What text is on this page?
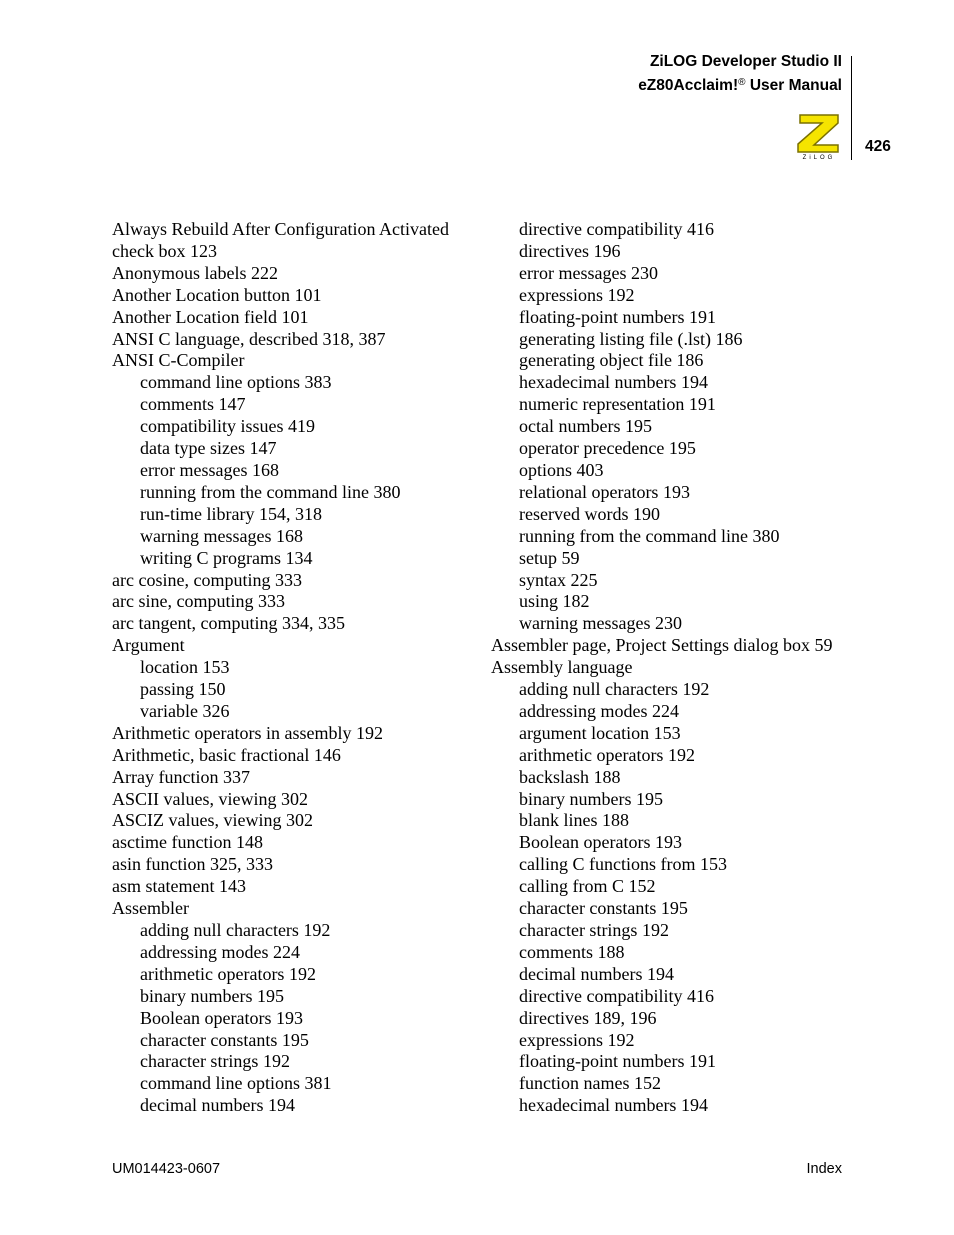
ZiLOG Developer Studio II
eZ80Acclaim!® User Manual
ZiLOG
426
Always Rebuild After Configuration Activated
check box 123
Anonymous labels 222
Another Location button 101
Another Location field 101
ANSI C language, described 318, 387
ANSI C-Compiler
command line options 383
comments 147
compatibility issues 419
data type sizes 147
error messages 168
running from the command line 380
run-time library 154, 318
warning messages 168
writing C programs 134
arc cosine, computing 333
arc sine, computing 333
arc tangent, computing 334, 335
Argument
location 153
passing 150
variable 326
Arithmetic operators in assembly 192
Arithmetic, basic fractional 146
Array function 337
ASCII values, viewing 302
ASCIZ values, viewing 302
asctime function 148
asin function 325, 333
asm statement 143
Assembler
adding null characters 192
addressing modes 224
arithmetic operators 192
binary numbers 195
Boolean operators 193
character constants 195
character strings 192
command line options 381
decimal numbers 194
directive compatibility 416
directives 196
error messages 230
expressions 192
floating-point numbers 191
generating listing file (.lst) 186
generating object file 186
hexadecimal numbers 194
numeric representation 191
octal numbers 195
operator precedence 195
options 403
relational operators 193
reserved words 190
running from the command line 380
setup 59
syntax 225
using 182
warning messages 230
Assembler page, Project Settings dialog box 59
Assembly language
adding null characters 192
addressing modes 224
argument location 153
arithmetic operators 192
backslash 188
binary numbers 195
blank lines 188
Boolean operators 193
calling C functions from 153
calling from C 152
character constants 195
character strings 192
comments 188
decimal numbers 194
directive compatibility 416
directives 189, 196
expressions 192
floating-point numbers 191
function names 152
hexadecimal numbers 194
UM014423-0607	Index
